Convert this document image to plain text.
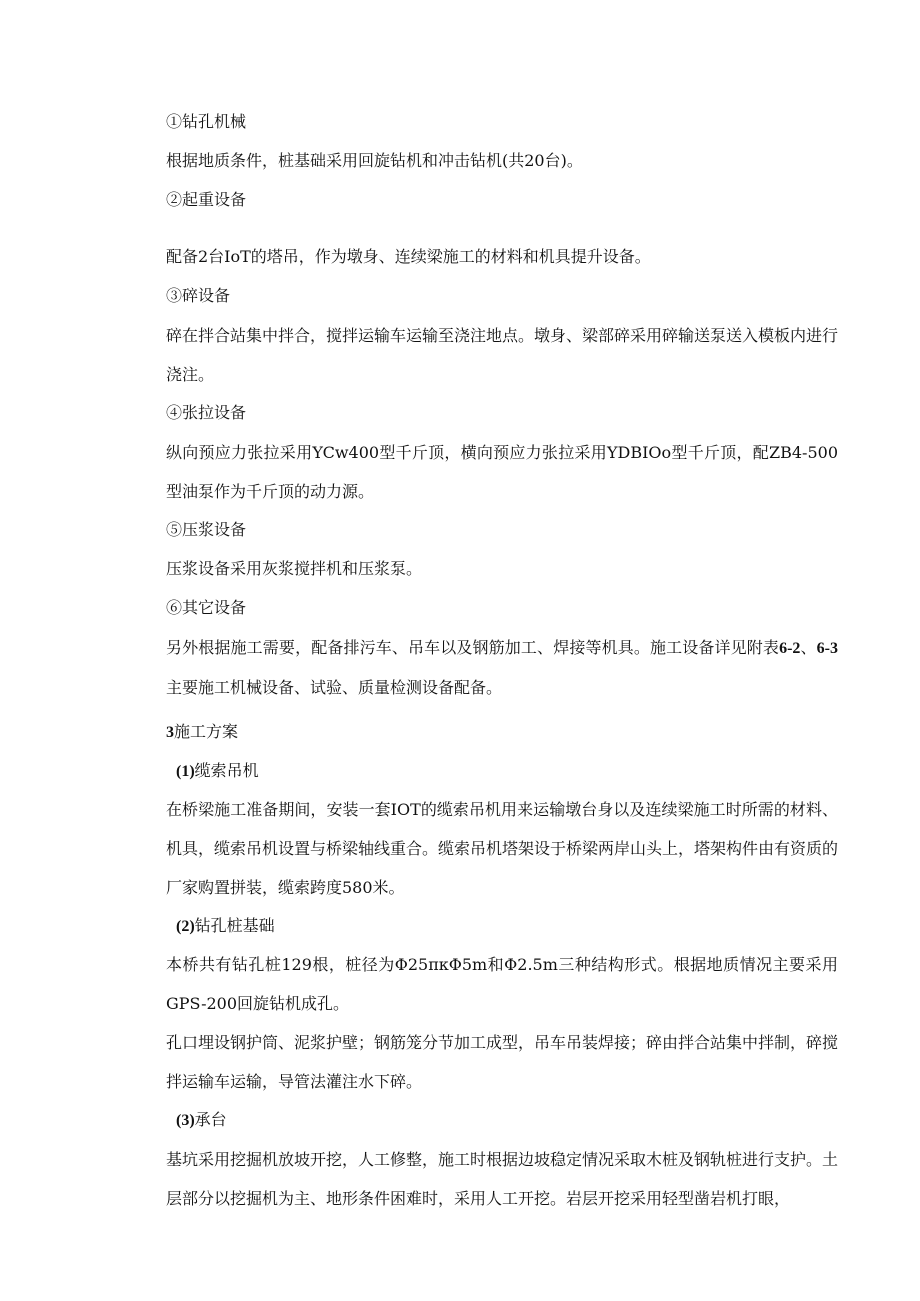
①钻孔机械
根据地质条件，桩基础采用回旋钻机和冲击钻机(共20台)。
②起重设备
配备2台IoT的塔吊，作为墩身、连续梁施工的材料和机具提升设备。
③碎设备
碎在拌合站集中拌合，搅拌运输车运输至浇注地点。墩身、梁部碎采用碎输送泵送入模板内进行浇注。
④张拉设备
纵向预应力张拉采用YCw400型千斤顶，横向预应力张拉采用YDBIOo型千斤顶，配ZB4-500型油泵作为千斤顶的动力源。
⑤压浆设备
压浆设备采用灰浆搅拌机和压浆泵。
⑥其它设备
另外根据施工需要，配备排污车、吊车以及钢筋加工、焊接等机具。施工设备详见附表6-2、6-3主要施工机械设备、试验、质量检测设备配备。
3施工方案
(1)缆索吊机
在桥梁施工准备期间，安装一套IOT的缆索吊机用来运输墩台身以及连续梁施工时所需的材料、机具，缆索吊机设置与桥梁轴线重合。缆索吊机塔架设于桥梁两岸山头上，塔架构件由有资质的厂家购置拼装，缆索跨度580米。
(2)钻孔桩基础
本桥共有钻孔桩129根，桩径为Φ25πκΦ5m和Φ2.5m三种结构形式。根据地质情况主要采用GPS-200回旋钻机成孔。
孔口埋设钢护筒、泥浆护壁；钢筋笼分节加工成型，吊车吊装焊接；碎由拌合站集中拌制，碎搅拌运输车运输，导管法灌注水下碎。
(3)承台
基坑采用挖掘机放坡开挖，人工修整，施工时根据边坡稳定情况采取木桩及钢轨桩进行支护。土层部分以挖掘机为主、地形条件困难时，采用人工开挖。岩层开挖采用轻型凿岩机打眼，
